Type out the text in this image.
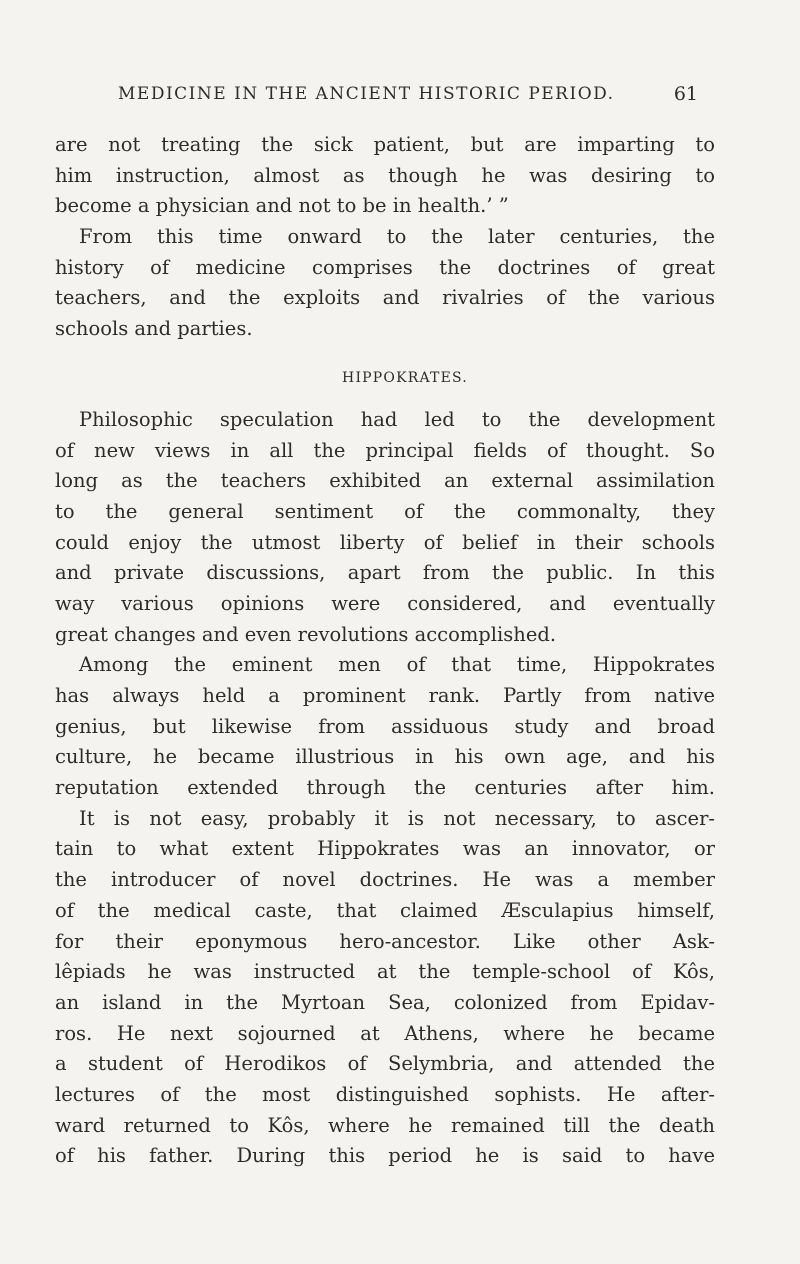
MEDICINE IN THE ANCIENT HISTORIC PERIOD.	61
are not treating the sick patient, but are imparting to
him instruction, almost as though he was desiring to
become a physician and not to be in health.’ ”
From this time onward to the later centuries, the
history of medicine comprises the doctrines of great
teachers, and the exploits and rivalries of the various
schools and parties.
HIPPOKRATES.
Philosophic speculation had led to the development
of new views in all the principal fields of thought. So
long as the teachers exhibited an external assimilation
to the general sentiment of the commonalty, they
could enjoy the utmost liberty of belief in their schools
and private discussions, apart from the public. In this
way various opinions were considered, and eventually
great changes and even revolutions accomplished.
Among the eminent men of that time, Hippokrates
has always held a prominent rank. Partly from native
genius, but likewise from assiduous study and broad
culture, he became illustrious in his own age, and his
reputation extended through the centuries after him.
It is not easy, probably it is not necessary, to ascer-
tain to what extent Hippokrates was an innovator, or
the introducer of novel doctrines. He was a member
of the medical caste, that claimed Æsculapius himself,
for their eponymous hero-ancestor. Like other Ask-
lêpiads he was instructed at the temple-school of Kôs,
an island in the Myrtoan Sea, colonized from Epidav-
ros. He next sojourned at Athens, where he became
a student of Herodikos of Selymbria, and attended the
lectures of the most distinguished sophists. He after-
ward returned to Kôs, where he remained till the death
of his father. During this period he is said to have
